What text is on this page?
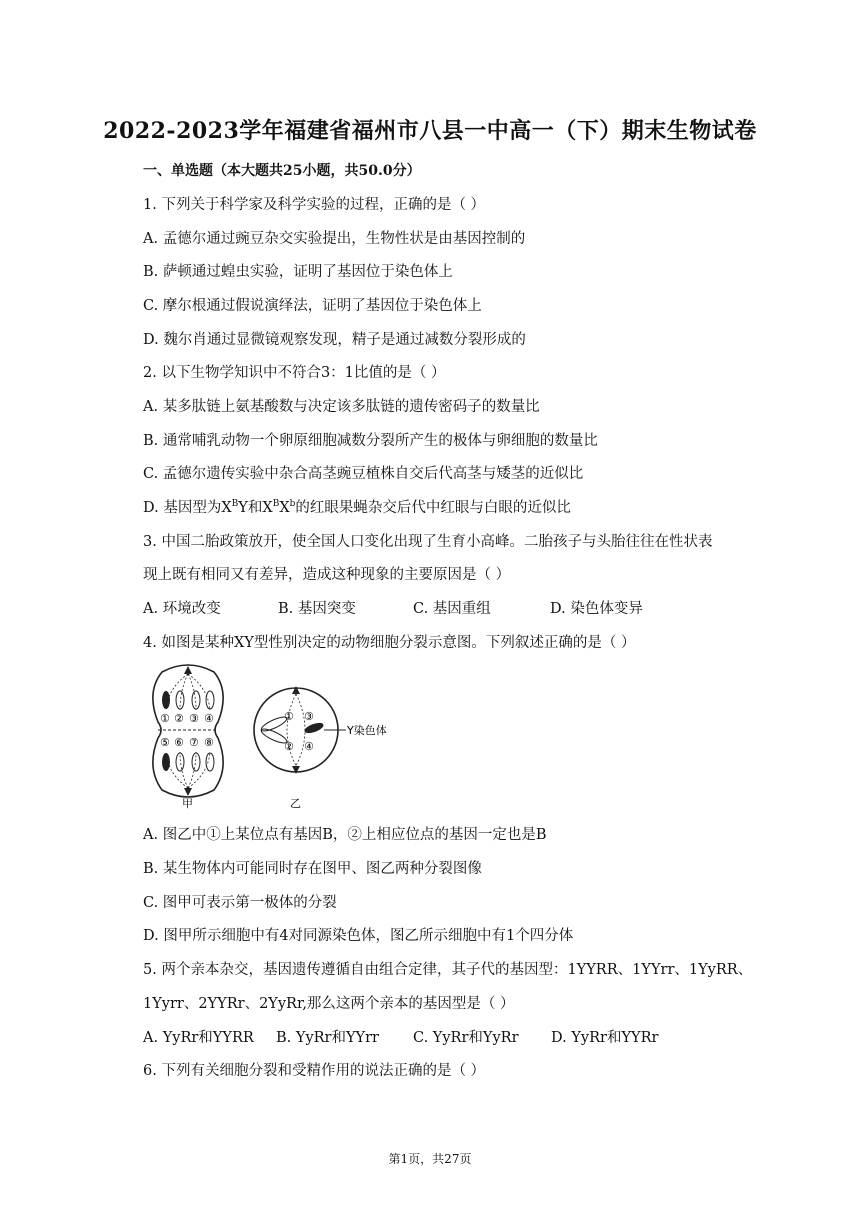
2022-2023学年福建省福州市八县一中高一（下）期末生物试卷
一、单选题（本大题共25小题，共50.0分）
1. 下列关于科学家及科学实验的过程，正确的是（ ）
A. 孟德尔通过豌豆杂交实验提出，生物性状是由基因控制的
B. 萨顿通过蝗虫实验，证明了基因位于染色体上
C. 摩尔根通过假说演绎法，证明了基因位于染色体上
D. 魏尔肖通过显微镜观察发现，精子是通过减数分裂形成的
2. 以下生物学知识中不符合3：1比值的是（ ）
A. 某多肽链上氨基酸数与决定该多肽链的遗传密码子的数量比
B. 通常哺乳动物一个卵原细胞减数分裂所产生的极体与卵细胞的数量比
C. 孟德尔遗传实验中杂合高茎豌豆植株自交后代高茎与矮茎的近似比
D. 基因型为$X^BY$和$X^BX^b$的红眼果蝇杂交后代中红眼与白眼的近似比
3. 中国二胎政策放开，使全国人口变化出现了生育小高峰。二胎孩子与头胎往往在性状表
现上既有相同又有差异，造成这种现象的主要原因是（ ）
A. 环境改变	B. 基因突变	C. 基因重组	D. 染色体变异
4. 如图是某种XY型性别决定的动物细胞分裂示意图。下列叙述正确的是（ ）
① ② ③ ④
⑤ ⑥ ⑦ ⑧
甲
①
②
③
④
Y染色体
乙
A. 图乙中①上某位点有基因B，②上相应位点的基因一定也是B
B. 某生物体内可能同时存在图甲、图乙两种分裂图像
C. 图甲可表示第一极体的分裂
D. 图甲所示细胞中有4对同源染色体，图乙所示细胞中有1个四分体
5. 两个亲本杂交，基因遗传遵循自由组合定律，其子代的基因型：1YYRR、1YYrr、1YyRR、
1Yyrr、2YYRr、2YyRr,那么这两个亲本的基因型是（ ）
A. YyRr和YYRR B. YyRr和YYrr C. YyRr和YyRr D. YyRr和YYRr
6. 下列有关细胞分裂和受精作用的说法正确的是（ ）
第1页，共27页
